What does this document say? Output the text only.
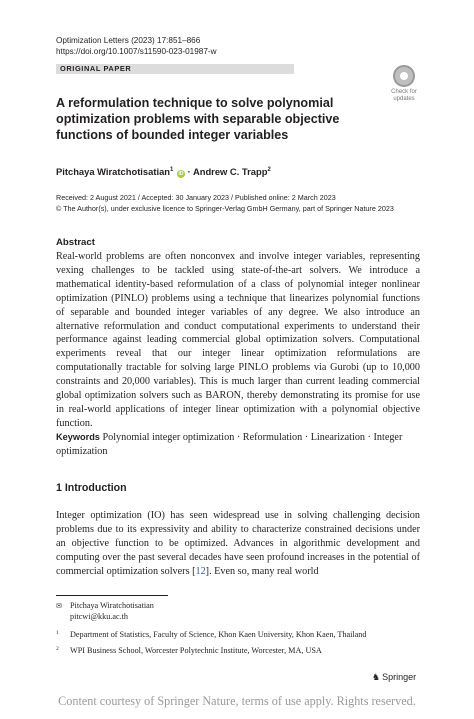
Optimization Letters (2023) 17:851–866
https://doi.org/10.1007/s11590-023-01987-w
ORIGINAL PAPER
Check for
updates
A reformulation technique to solve polynomial optimization problems with separable objective functions of bounded integer variables
Pitchaya Wiratchotisatian$^1$ iD · Andrew C. Trapp$^2$
Received: 2 August 2021 / Accepted: 30 January 2023 / Published online: 2 March 2023
© The Author(s), under exclusive licence to Springer-Verlag GmbH Germany, part of Springer Nature 2023
Abstract

Real-world problems are often nonconvex and involve integer variables, representing vexing challenges to be tackled using state-of-the-art solvers. We introduce a mathematical identity-based reformulation of a class of polynomial integer nonlinear optimization (PINLO) problems using a technique that linearizes polynomial functions of separable and bounded integer variables of any degree. We also introduce an alternative reformulation and conduct computational experiments to understand their performance against leading commercial global optimization solvers. Computational experiments reveal that our integer linear optimization reformulations are computationally tractable for solving large PINLO problems via Gurobi (up to 10,000 constraints and 20,000 variables). This is much larger than current leading commercial global optimization solvers such as BARON, thereby demonstrating its promise for use in real-world applications of integer linear optimization with a polynomial objective function.

Keywords Polynomial integer optimization · Reformulation · Linearization · Integer optimization

1 Introduction

Integer optimization (IO) has seen widespread use in solving challenging decision problems due to its expressivity and ability to characterize constrained decisions under an objective function to be optimized. Advances in algorithmic development and computing over the past several decades have seen profound increases in the potential of commercial optimization solvers [12]. Even so, many real world

✉ Pitchaya Wiratchotisatian
pitcwi@kku.ac.th
1 Department of Statistics, Faculty of Science, Khon Kaen University, Khon Kaen, Thailand
2 WPI Business School, Worcester Polytechnic Institute, Worcester, MA, USA
♞ Springer
Content courtesy of Springer Nature, terms of use apply. Rights reserved.
